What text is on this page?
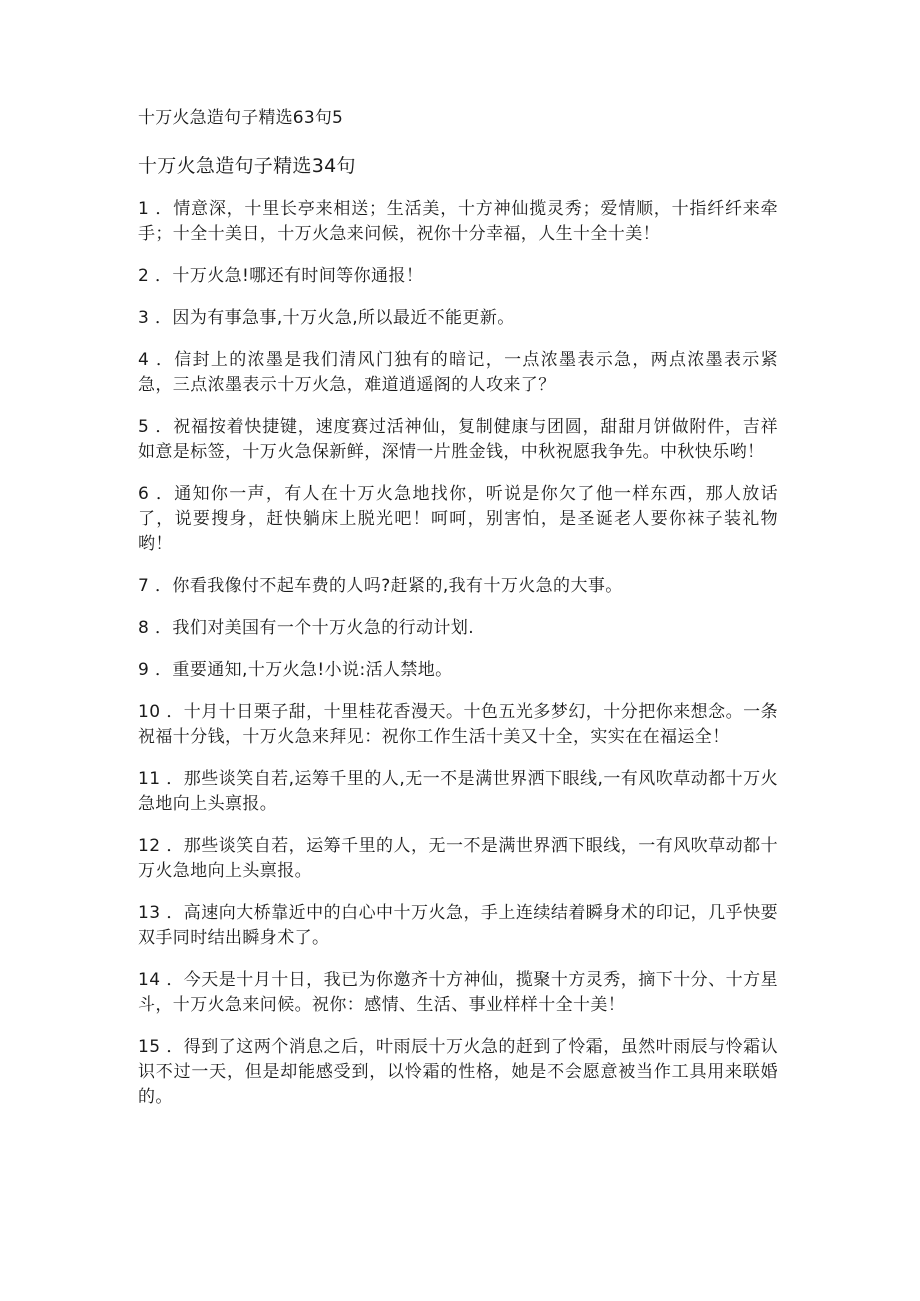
十万火急造句子精选63句5
十万火急造句子精选34句

1 ．情意深，十里长亭来相送；生活美，十方神仙揽灵秀；爱情顺，十指纤纤来牵手；十全十美日，十万火急来问候，祝你十分幸福，人生十全十美！

2 ．十万火急!哪还有时间等你通报！

3 ．因为有事急事,十万火急,所以最近不能更新。

4 ．信封上的浓墨是我们清风门独有的暗记，一点浓墨表示急，两点浓墨表示紧急，三点浓墨表示十万火急，难道逍遥阁的人攻来了？

5 ．祝福按着快捷键，速度赛过活神仙，复制健康与团圆，甜甜月饼做附件，吉祥如意是标签，十万火急保新鲜，深情一片胜金钱，中秋祝愿我争先。中秋快乐哟！

6 ．通知你一声，有人在十万火急地找你，听说是你欠了他一样东西，那人放话了，说要搜身，赶快躺床上脱光吧！呵呵，别害怕，是圣诞老人要你袜子装礼物哟！

7 ．你看我像付不起车费的人吗?赶紧的,我有十万火急的大事。

8 ．我们对美国有一个十万火急的行动计划.

9 ．重要通知,十万火急!小说:活人禁地。

10 ．十月十日栗子甜，十里桂花香漫天。十色五光多梦幻，十分把你来想念。一条祝福十分钱，十万火急来拜见：祝你工作生活十美又十全，实实在在福运全！

11 ．那些谈笑自若,运筹千里的人,无一不是满世界洒下眼线,一有风吹草动都十万火急地向上头禀报。

12 ．那些谈笑自若，运筹千里的人，无一不是满世界洒下眼线，一有风吹草动都十万火急地向上头禀报。

13 ．高速向大桥靠近中的白心中十万火急，手上连续结着瞬身术的印记，几乎快要双手同时结出瞬身术了。

14 ．今天是十月十日，我已为你邀齐十方神仙，揽聚十方灵秀，摘下十分、十方星斗，十万火急来问候。祝你：感情、生活、事业样样十全十美！

15 ．得到了这两个消息之后，叶雨辰十万火急的赶到了怜霜，虽然叶雨辰与怜霜认识不过一天，但是却能感受到，以怜霜的性格，她是不会愿意被当作工具用来联婚的。
